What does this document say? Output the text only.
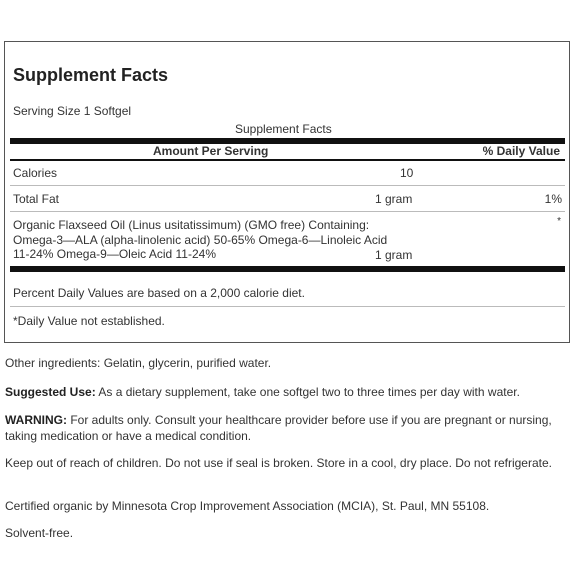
Supplement Facts
Serving Size 1 Softgel
Supplement Facts
Amount Per Serving	% Daily Value
Calories	10
Total Fat	1 gram	1%
Organic Flaxseed Oil (Linus usitatissimum) (GMO free) Containing:
Omega-3—ALA (alpha-linolenic acid) 50-65% Omega-6—Linoleic Acid
11-24% Omega-9—Oleic Acid 11-24%	1 gram
*
Percent Daily Values are based on a 2,000 calorie diet.
*Daily Value not established.
Other ingredients: Gelatin, glycerin, purified water.
Suggested Use: As a dietary supplement, take one softgel two to three times per day with water.
WARNING: For adults only. Consult your healthcare provider before use if you are pregnant or nursing, taking medication or have a medical condition.
Keep out of reach of children. Do not use if seal is broken. Store in a cool, dry place. Do not refrigerate.
Certified organic by Minnesota Crop Improvement Association (MCIA), St. Paul, MN 55108.
Solvent-free.
